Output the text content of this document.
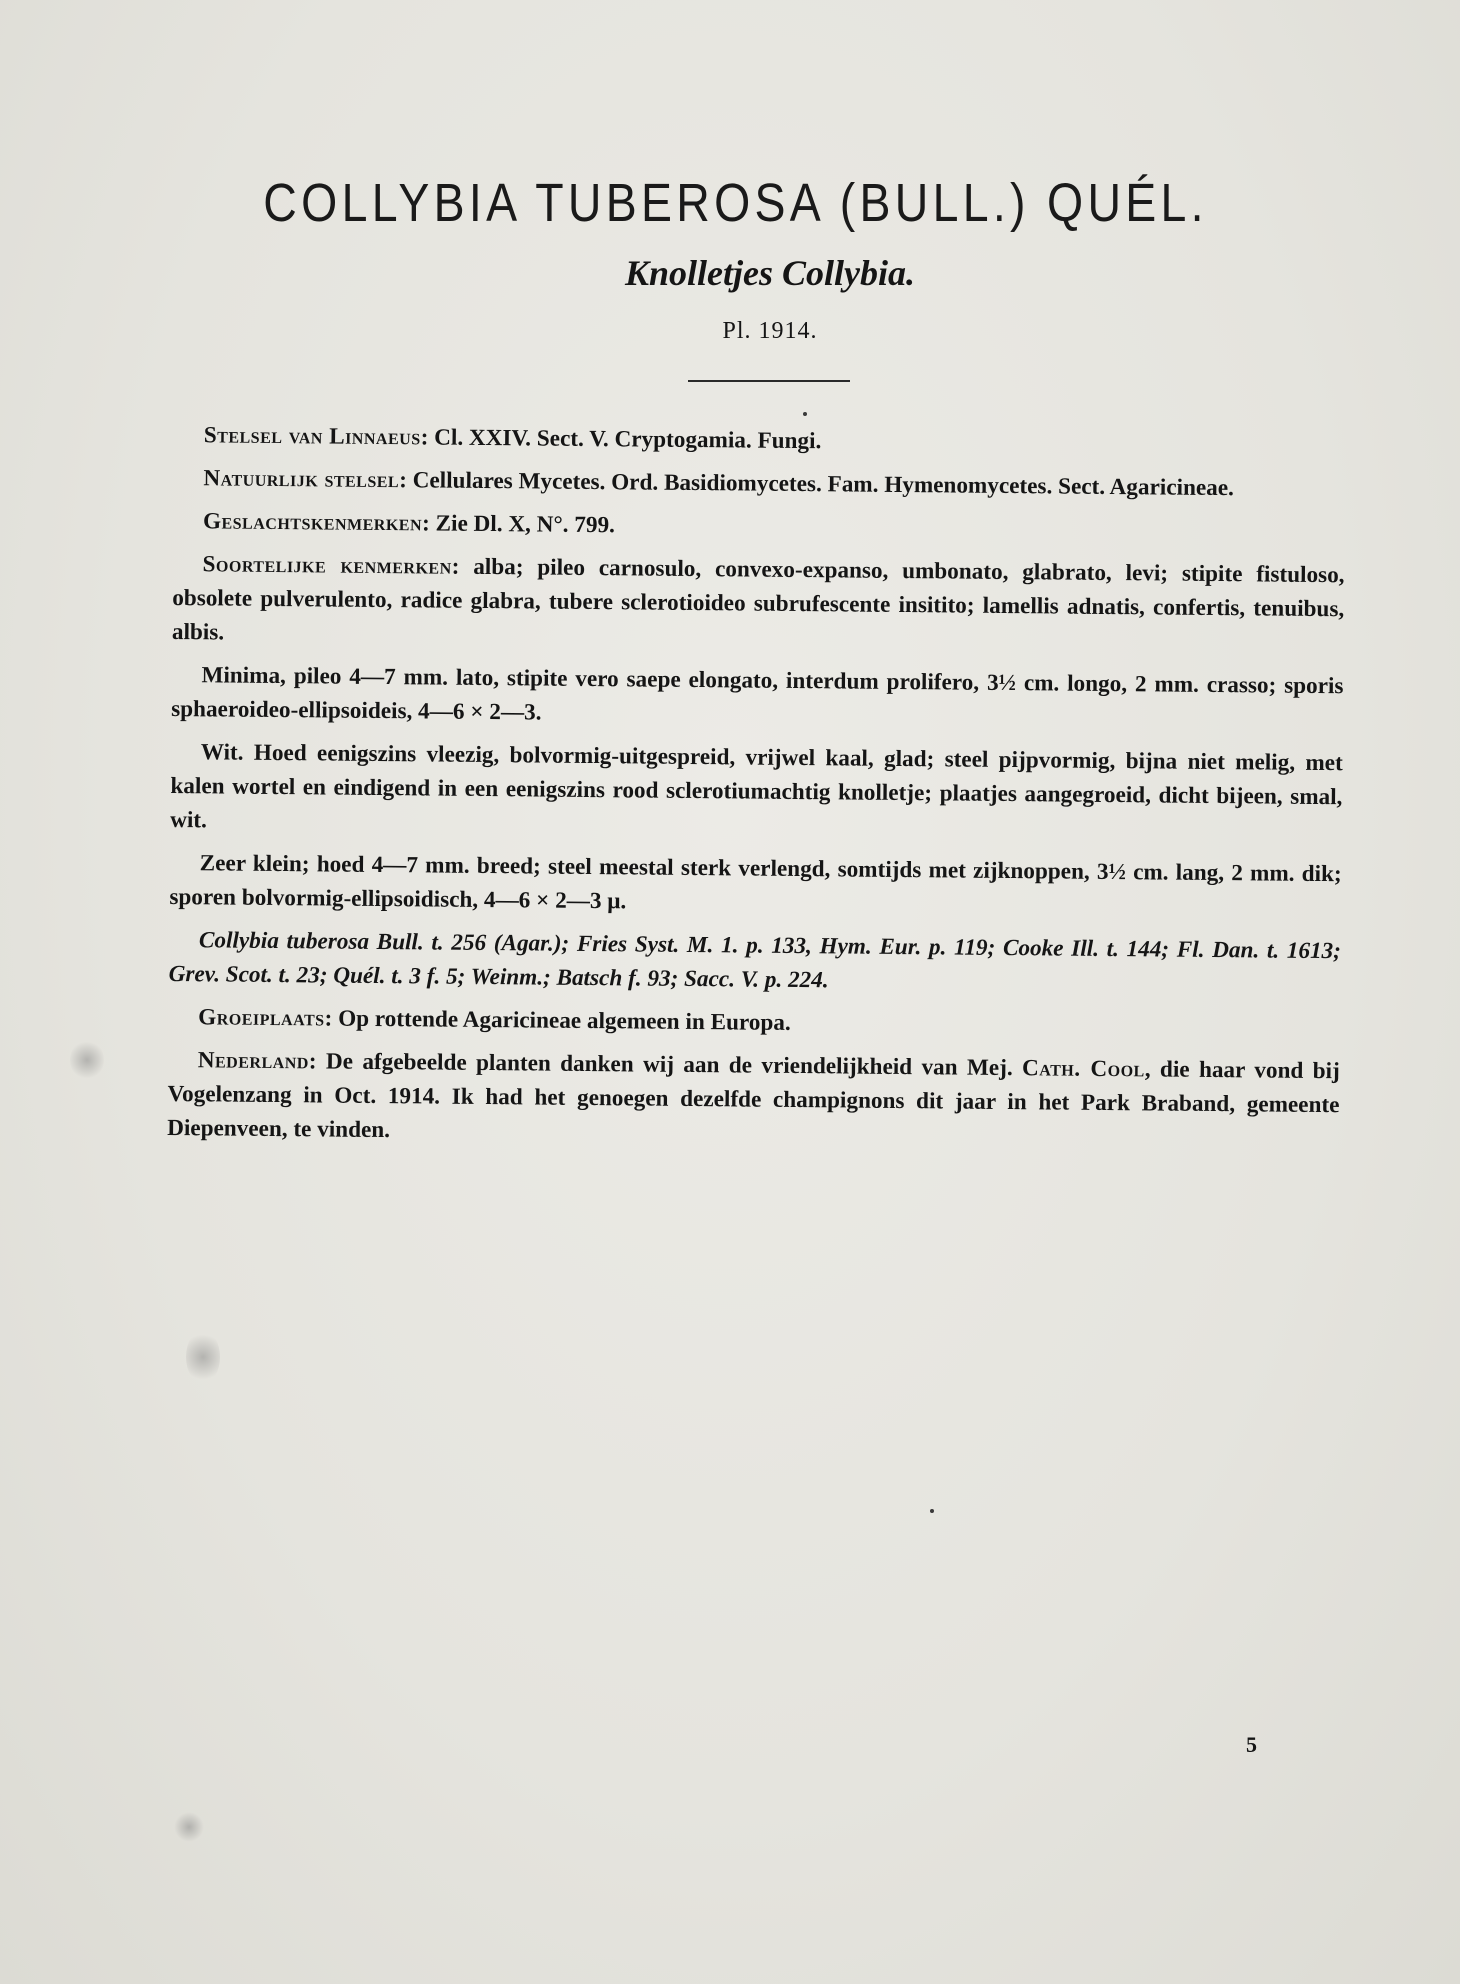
COLLYBIA TUBEROSA (BULL.) QUÉL.
Knolletjes Collybia.
Pl. 1914.

Stelsel van Linnaeus: Cl. XXIV. Sect. V. Cryptogamia. Fungi.

Natuurlijk stelsel: Cellulares Mycetes. Ord. Basidiomycetes. Fam. Hymenomycetes. Sect. Agaricineae.

Geslachtskenmerken: Zie Dl. X, N°. 799.

Soortelijke kenmerken: alba; pileo carnosulo, convexo-expanso, umbonato, glabrato, levi; stipite fistuloso, obsolete pulverulento, radice glabra, tubere sclerotioideo subrufescente insitito; lamellis adnatis, confertis, tenuibus, albis.

Minima, pileo 4—7 mm. lato, stipite vero saepe elongato, interdum prolifero, 3½ cm. longo, 2 mm. crasso; sporis sphaeroideo-ellipsoideis, 4—6 × 2—3.

Wit. Hoed eenigszins vleezig, bolvormig-uitgespreid, vrijwel kaal, glad; steel pijpvormig, bijna niet melig, met kalen wortel en eindigend in een eenigszins rood sclerotiumachtig knolletje; plaatjes aangegroeid, dicht bijeen, smal, wit.

Zeer klein; hoed 4—7 mm. breed; steel meestal sterk verlengd, somtijds met zijknoppen, 3½ cm. lang, 2 mm. dik; sporen bolvormig-ellipsoidisch, 4—6 × 2—3 μ.

Collybia tuberosa Bull. t. 256 (Agar.); Fries Syst. M. 1. p. 133, Hym. Eur. p. 119; Cooke Ill. t. 144; Fl. Dan. t. 1613; Grev. Scot. t. 23; Quél. t. 3 f. 5; Weinm.; Batsch f. 93; Sacc. V. p. 224.

Groeiplaats: Op rottende Agaricineae algemeen in Europa.

Nederland: De afgebeelde planten danken wij aan de vriendelijkheid van Mej. Cath. Cool, die haar vond bij Vogelenzang in Oct. 1914. Ik had het genoegen dezelfde champignons dit jaar in het Park Braband, gemeente Diepenveen, te vinden.

5
